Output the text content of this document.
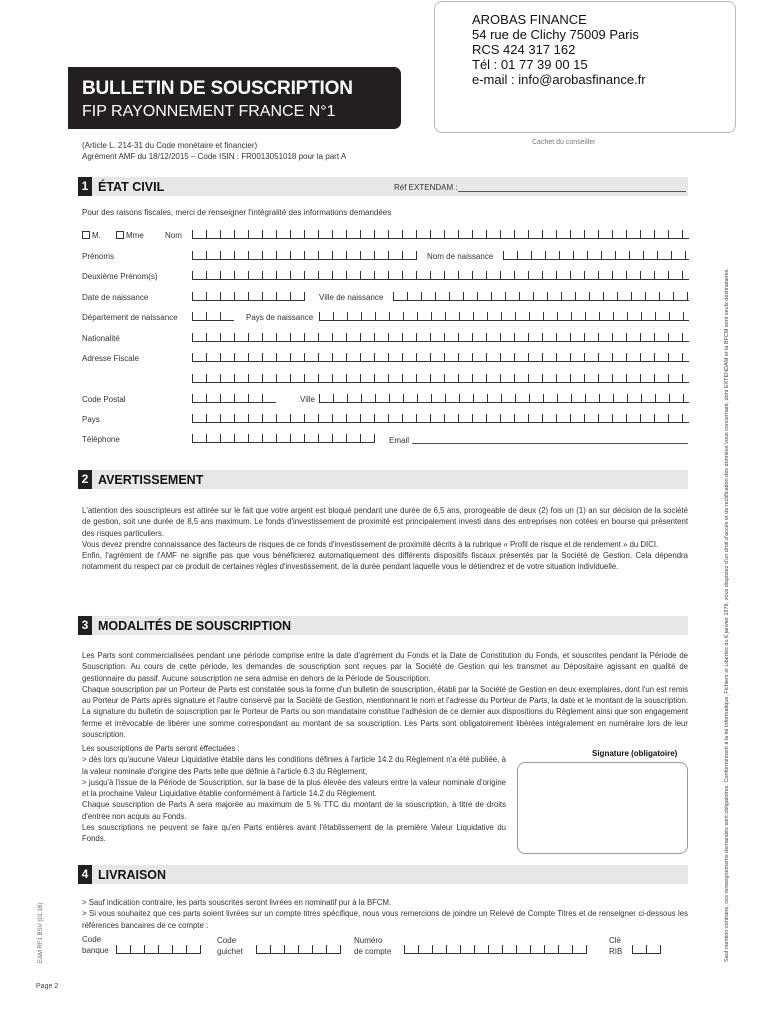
AROBAS FINANCE
54 rue de Clichy 75009 Paris
RCS 424 317 162
Tél : 01 77 39 00 15
e-mail : info@arobasfinance.fr
Cachet du conseiller
BULLETIN DE SOUSCRIPTION
FIP RAYONNEMENT FRANCE N°1
(Article L. 214-31 du Code monétaire et financier)
Agrément AMF du 18/12/2015 – Code ISIN : FR0013051018 pour la part A
1 ÉTAT CIVIL	Réf EXTENDAM :
Pour des raisons fiscales, merci de renseigner l'intégralité des informations demandées
M.	Mme	Nom
Prénoms	Nom de naissance
Deuxième Prénom(s)
Date de naissance	Ville de naissance
Département de naissance	Pays de naissance
Nationalité
Adresse Fiscale
Code Postal	Ville
Pays
Téléphone	Email
2 AVERTISSEMENT

L'attention des souscripteurs est attirée sur le fait que votre argent est bloqué pendant une durée de 6,5 ans, prorogeable de deux (2) fois un (1) an sur décision de la société de gestion, soit une durée de 8,5 ans maximum. Le fonds d'investissement de proximité est principalement investi dans des entreprises non cotées en bourse qui présentent des risques particuliers.

Vous devez prendre connaissance des facteurs de risques de ce fonds d'investissement de proximité décrits à la rubrique « Profil de risque et de rendement » du DICI.

Enfin, l'agrément de l'AMF ne signifie pas que vous bénéficierez automatiquement des différents dispositifs fiscaux présentés par la Société de Gestion. Cela dépendra notamment du respect par ce produit de certaines règles d'investissement, de la durée pendant laquelle vous le détiendrez et de votre situation individuelle.

3 MODALITÉS DE SOUSCRIPTION

Les Parts sont commercialisées pendant une période comprise entre la date d'agrément du Fonds et la Date de Constitution du Fonds, et souscrites pendant la Période de Souscription. Au cours de cette période, les demandes de souscription sont reçues par la Société de Gestion qui les transmet au Dépositaire agissant en qualité de gestionnaire du passif. Aucune souscription ne sera admise en dehors de la Période de Souscription.

Chaque souscription par un Porteur de Parts est constatée sous la forme d'un bulletin de souscription, établi par la Société de Gestion en deux exemplaires, dont l'un est remis au Porteur de Parts après signature et l'autre conservé par la Société de Gestion, mentionnant le nom et l'adresse du Porteur de Parts, la date et le montant de la souscription. La signature du bulletin de souscription par le Porteur de Parts ou son mandataire constitue l'adhésion de ce dernier aux dispositions du Règlement ainsi que son engagement ferme et irrévocable de libérer une somme correspondant au montant de sa souscription. Les Parts sont obligatoirement libérées intégralement en numéraire lors de leur souscription.

Les souscriptions de Parts seront effectuées :

> dès lors qu'aucune Valeur Liquidative établie dans les conditions définies à l'article 14.2 du Règlement n'a été publiée, à la valeur nominale d'origine des Parts telle que définie à l'article 6.3 du Règlement,

> jusqu'à l'issue de la Période de Souscription, sur la base de la plus élevée des valeurs entre la valeur nominale d'origine et la prochaine Valeur Liquidative établie conformément à l'article 14.2 du Règlement.

Chaque souscription de Parts A sera majorée au maximum de 5 % TTC du montant de la souscription, à titre de droits d'entrée non acquis au Fonds.

Les souscriptions ne peuvent se faire qu'en Parts entières avant l'établissement de la première Valeur Liquidative du Fonds.

Signature (obligatoire)
4 LIVRAISON

> Sauf indication contraire, les parts souscrites seront livrées en nominatif pur à la BFCM.

> Si vous souhaitez que ces parts soient livrées sur un compte titres spécifique, nous vous remercions de joindre un Relevé de Compte Titres et de renseigner ci-dessous les références bancaires de ce compte :

Code
banque
Code
guichet
Numéro
de compte
Clé
RIB	Sauf mention contraire, ces renseignements demandés sont obligatoires. Conformément à la loi Informatique, Fichiers et Libertés du 6 janvier 1978, vous disposez d'un droit d'accès et de rectification des données vous concernant, dont EXTENDAM et la BFCM sont seuls destinataires.
EAM RF1 BSV (01.16)
Page 2
